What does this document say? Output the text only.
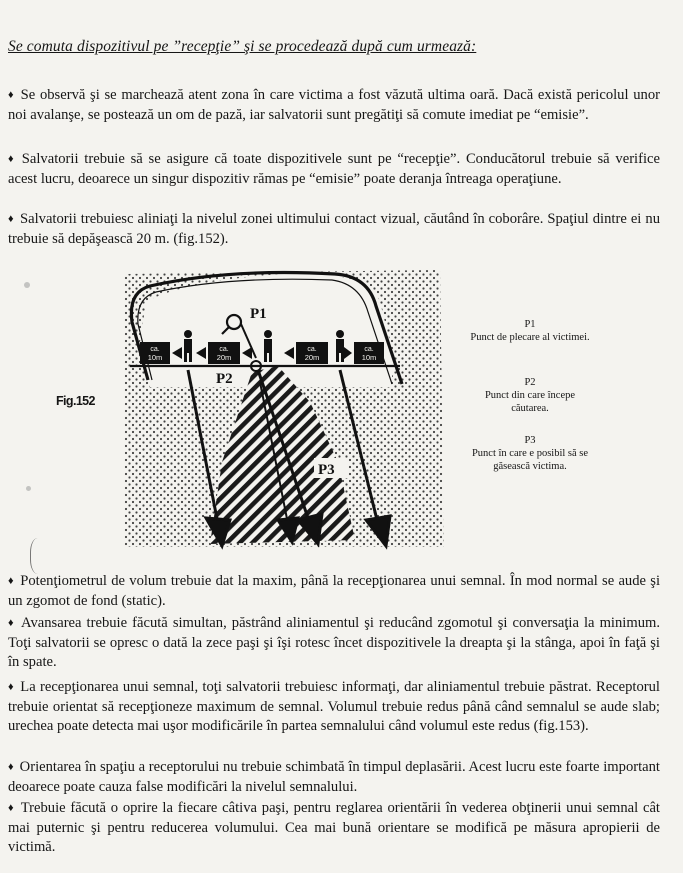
Se comuta dispozitivul pe ”recepţie” şi se procedează după cum urmează:
♦ Se observă şi se marchează atent zona în care victima a fost văzută ultima oară. Dacă există pericolul unor noi avalanşe, se postează un om de pază, iar salvatorii sunt pregătiţi să comute imediat pe “emisie”.
♦ Salvatorii trebuie să se asigure că toate dispozitivele sunt pe “recepţie”. Conducătorul trebuie să verifice acest lucru, deoarece un singur dispozitiv rămas pe “emisie” poate deranja întreaga operaţiune.
♦ Salvatorii trebuiesc aliniaţi la nivelul zonei ultimului contact vizual, căutând în coborâre. Spaţiul dintre ei nu trebuie să depăşească 20 m. (fig.152).
Fig.152
ca.
10m
ca.
20m
ca.
20m
ca.
10m
P1
P2
P3
P1
Punct de plecare al victimei.
P2
Punct din care începe căutarea.
P3
Punct în care e posibil să se găsească victima.
♦ Potenţiometrul de volum trebuie dat la maxim, până la recepţionarea unui semnal. În mod normal se aude şi un zgomot de fond (static).
♦ Avansarea trebuie făcută simultan, păstrând aliniamentul şi reducând zgomotul şi conversaţia la minimum. Toţi salvatorii se opresc o dată la zece paşi şi îşi rotesc încet dispozitivele la dreapta şi la stânga, apoi în faţă şi în spate.
♦ La recepţionarea unui semnal, toţi salvatorii trebuiesc informaţi, dar aliniamentul trebuie păstrat. Receptorul trebuie orientat să recepţioneze maximum de semnal. Volumul trebuie redus până când semnalul se aude slab; urechea poate detecta mai uşor modificările în partea semnalului când volumul este redus (fig.153).
♦ Orientarea în spaţiu a receptorului nu trebuie schimbată în timpul deplasării. Acest lucru este foarte important deoarece poate cauza false modificări la nivelul semnalului.
♦ Trebuie făcută o oprire la fiecare câtiva paşi, pentru reglarea orientării în vederea obţinerii unui semnal cât mai puternic şi pentru reducerea volumului. Cea mai bună orientare se modifică pe măsura apropierii de victimă.
